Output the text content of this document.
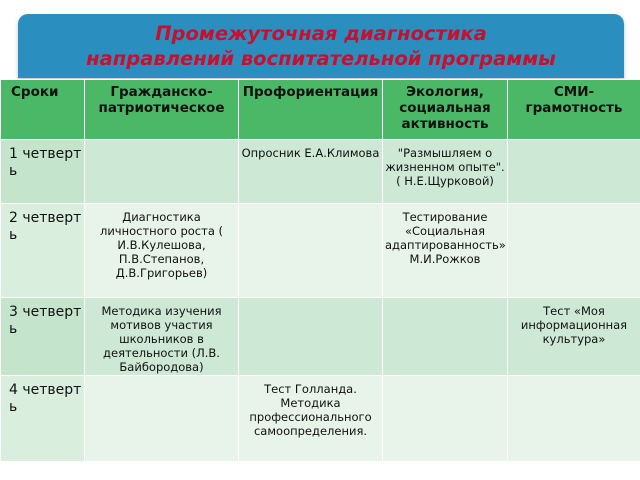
Промежуточная диагностика
направлений воспитательной программы
Сроки	Гражданско-патриотическое	Профориентация	Экология, социальная активность	СМИ-грамотность
1 четверть		Опросник Е.А.Климова	"Размышляем о жизненном опыте". ( Н.Е.Щурковой)	
2 четверть	Диагностика личностного роста ( И.В.Кулешова, П.В.Степанов, Д.В.Григорьев)		Тестирование «Социальная адаптированность» М.И.Рожков	
3 четверть	Методика изучения мотивов участия школьников в деятельности (Л.В. Байбородова)			Тест «Моя информационная культура»
4 четверть		Тест Голланда. Методика профессионального самоопределения.		
